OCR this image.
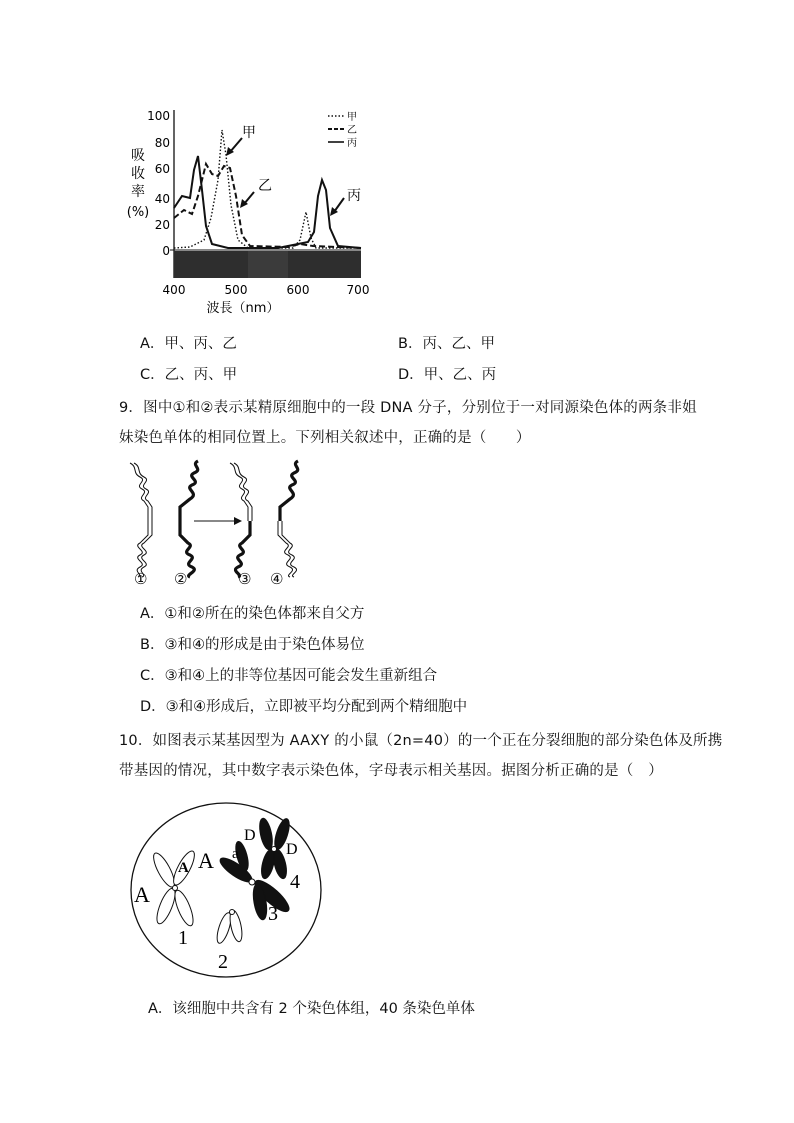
吸
收
率
(%)
100
80
60
40
20
0
400	500	600	700
波長（nm）
甲
乙
丙
甲
乙
丙
A．甲、丙、乙	B．丙、乙、甲
C．乙、丙、甲	D．甲、乙、丙
9．图中①和②表示某精原细胞中的一段 DNA 分子，分别位于一对同源染色体的两条非姐
妹染色单体的相同位置上。下列相关叙述中，正确的是（　　）
① ②	③ ④
A．①和②所在的染色体都来自父方
B．③和④的形成是由于染色体易位
C．③和④上的非等位基因可能会发生重新组合
D．③和④形成后，立即被平均分配到两个精细胞中
10．如图表示某基因型为 AAXY 的小鼠（2n=40）的一个正在分裂细胞的部分染色体及所携
带基因的情况，其中数字表示染色体，字母表示相关基因。据图分析正确的是（　）
A
A A a
D
D
1
2
3
4
A．该细胞中共含有 2 个染色体组，40 条染色单体
